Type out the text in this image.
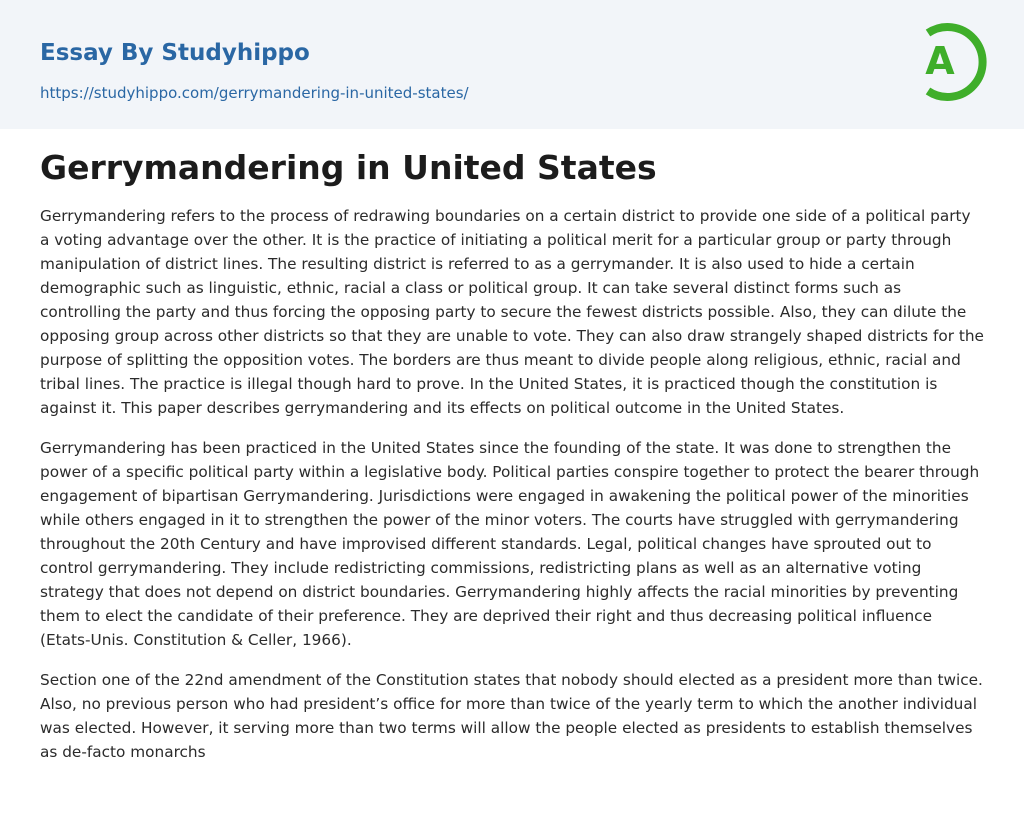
Essay By Studyhippo
https://studyhippo.com/gerrymandering-in-united-states/
A
Gerrymandering in United States

Gerrymandering refers to the process of redrawing boundaries on a certain district to provide one side of a political party a voting advantage over the other. It is the practice of initiating a political merit for a particular group or party through manipulation of district lines. The resulting district is referred to as a gerrymander. It is also used to hide a certain demographic such as linguistic, ethnic, racial a class or political group. It can take several distinct forms such as controlling the party and thus forcing the opposing party to secure the fewest districts possible. Also, they can dilute the opposing group across other districts so that they are unable to vote. They can also draw strangely shaped districts for the purpose of splitting the opposition votes. The borders are thus meant to divide people along religious, ethnic, racial and tribal lines. The practice is illegal though hard to prove. In the United States, it is practiced though the constitution is against it. This paper describes gerrymandering and its effects on political outcome in the United States.

Gerrymandering has been practiced in the United States since the founding of the state. It was done to strengthen the power of a specific political party within a legislative body. Political parties conspire together to protect the bearer through engagement of bipartisan Gerrymandering. Jurisdictions were engaged in awakening the political power of the minorities while others engaged in it to strengthen the power of the minor voters. The courts have struggled with gerrymandering throughout the 20th Century and have improvised different standards. Legal, political changes have sprouted out to control gerrymandering. They include redistricting commissions, redistricting plans as well as an alternative voting strategy that does not depend on district boundaries. Gerrymandering highly affects the racial minorities by preventing them to elect the candidate of their preference. They are deprived their right and thus decreasing political influence (Etats-Unis. Constitution & Celler, 1966).

Section one of the 22nd amendment of the Constitution states that nobody should elected as a president more than twice. Also, no previous person who had president’s office for more than twice of the yearly term to which the another individual was elected. However, it serving more than two terms will allow the people elected as presidents to establish themselves as de-facto monarchs
